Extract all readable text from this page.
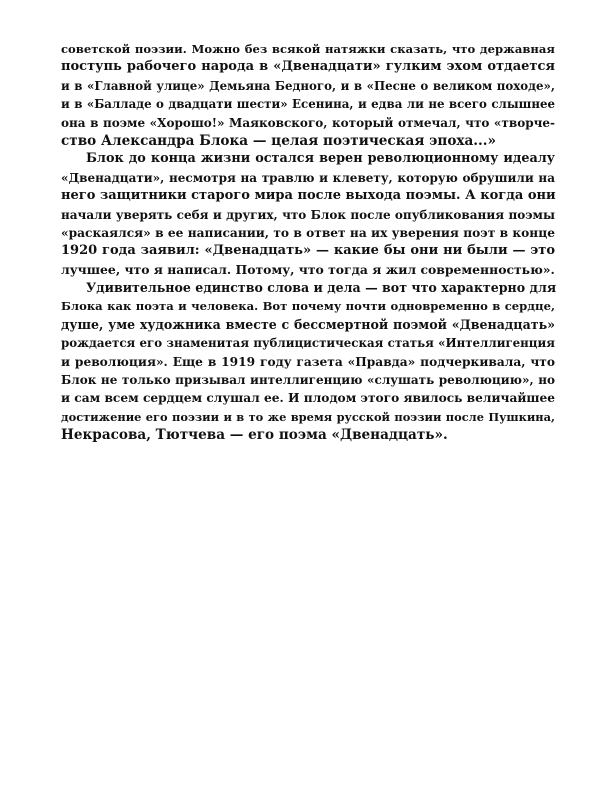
советской поэзии. Можно без всякой натяжки сказать, что державная
поступь рабочего народа в «Двенадцати» гулким эхом отдается
и в «Главной улице» Демьяна Бедного, и в «Песне о великом походе»,
и в «Балладе о двадцати шести» Есенина, и едва ли не всего слышнее
она в поэме «Хорошо!» Маяковского, который отмечал, что «творче-
ство Александра Блока — целая поэтическая эпоха...»
Блок до конца жизни остался верен революционному идеалу
«Двенадцати», несмотря на травлю и клевету, которую обрушили на
него защитники старого мира после выхода поэмы. А когда они
начали уверять себя и других, что Блок после опубликования поэмы
«раскаялся» в ее написании, то в ответ на их уверения поэт в конце
1920 года заявил: «Двенадцать» — какие бы они ни были — это
лучшее, что я написал. Потому, что тогда я жил современностью».
Удивительное единство слова и дела — вот что характерно для
Блока как поэта и человека. Вот почему почти одновременно в сердце,
душе, уме художника вместе с бессмертной поэмой «Двенадцать»
рождается его знаменитая публицистическая статья «Интеллигенция
и революция». Еще в 1919 году газета «Правда» подчеркивала, что
Блок не только призывал интеллигенцию «слушать революцию», но
и сам всем сердцем слушал ее. И плодом этого явилось величайшее
достижение его поэзии и в то же время русской поэзии после Пушкина,
Некрасова, Тютчева — его поэма «Двенадцать».
